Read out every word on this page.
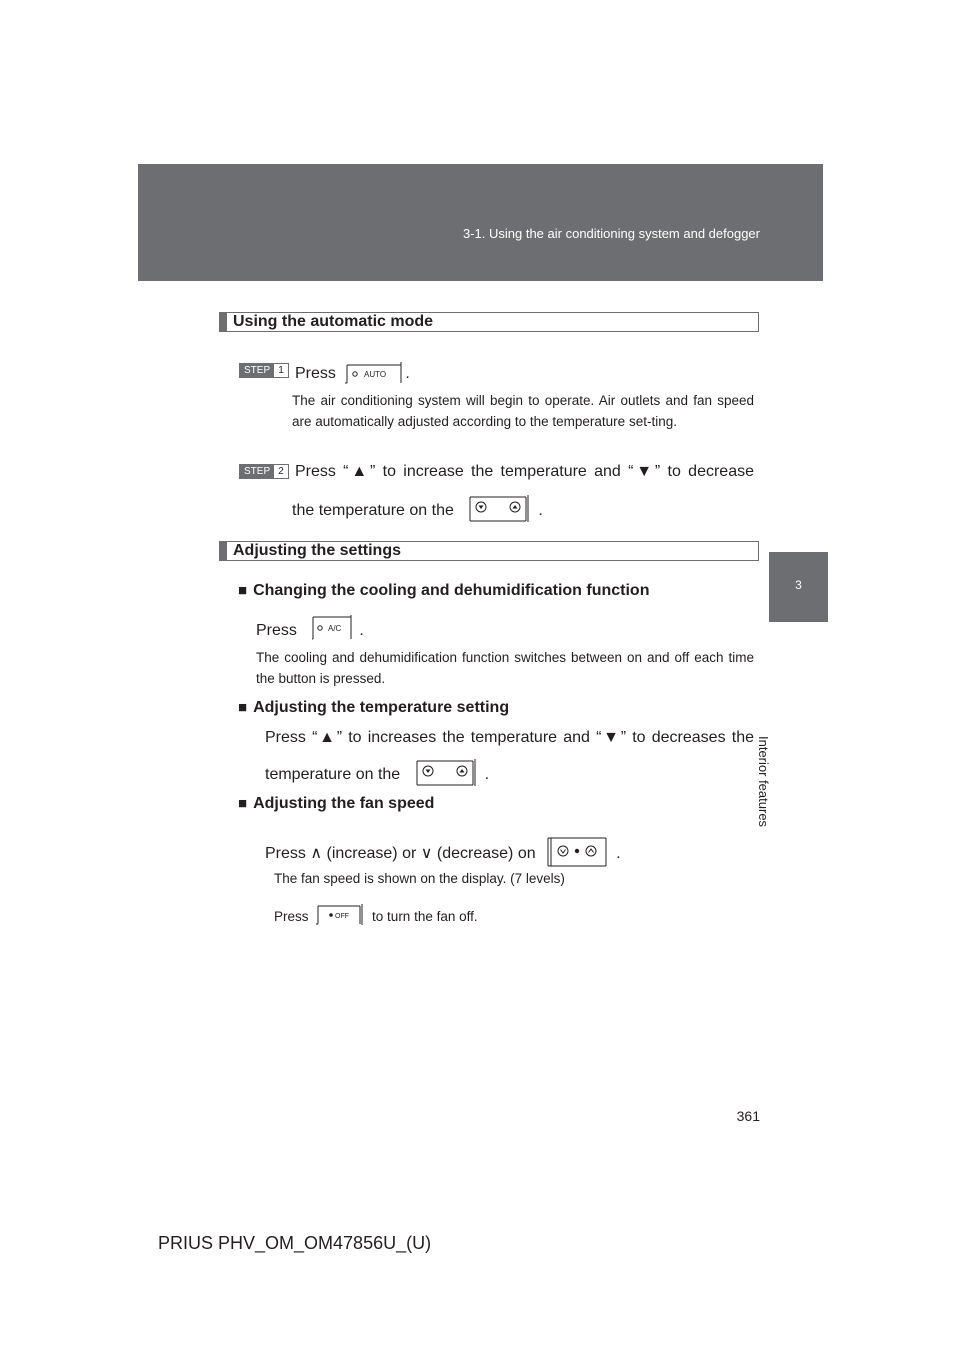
3-1. Using the air conditioning system and defogger
3
Interior features
Using the automatic mode
STEP 1 Press	AUTO .
The air conditioning system will begin to operate. Air outlets and fan speed are automatically adjusted according to the temperature set-ting.
STEP 2 Press “▲” to increase the temperature and “▼” to decrease
the temperature on the	.
Adjusting the settings
■ Changing the cooling and dehumidification function
Press	A/C .
The cooling and dehumidification function switches between on and off each time the button is pressed.
■ Adjusting the temperature setting
Press “▲” to increases the temperature and “▼” to decreases the
temperature on the	.
■ Adjusting the fan speed
Press ∧ (increase) or ∨ (decrease) on	.
The fan speed is shown on the display. (7 levels)
Press	OFF to turn the fan off.
361
PRIUS PHV_OM_OM47856U_(U)
